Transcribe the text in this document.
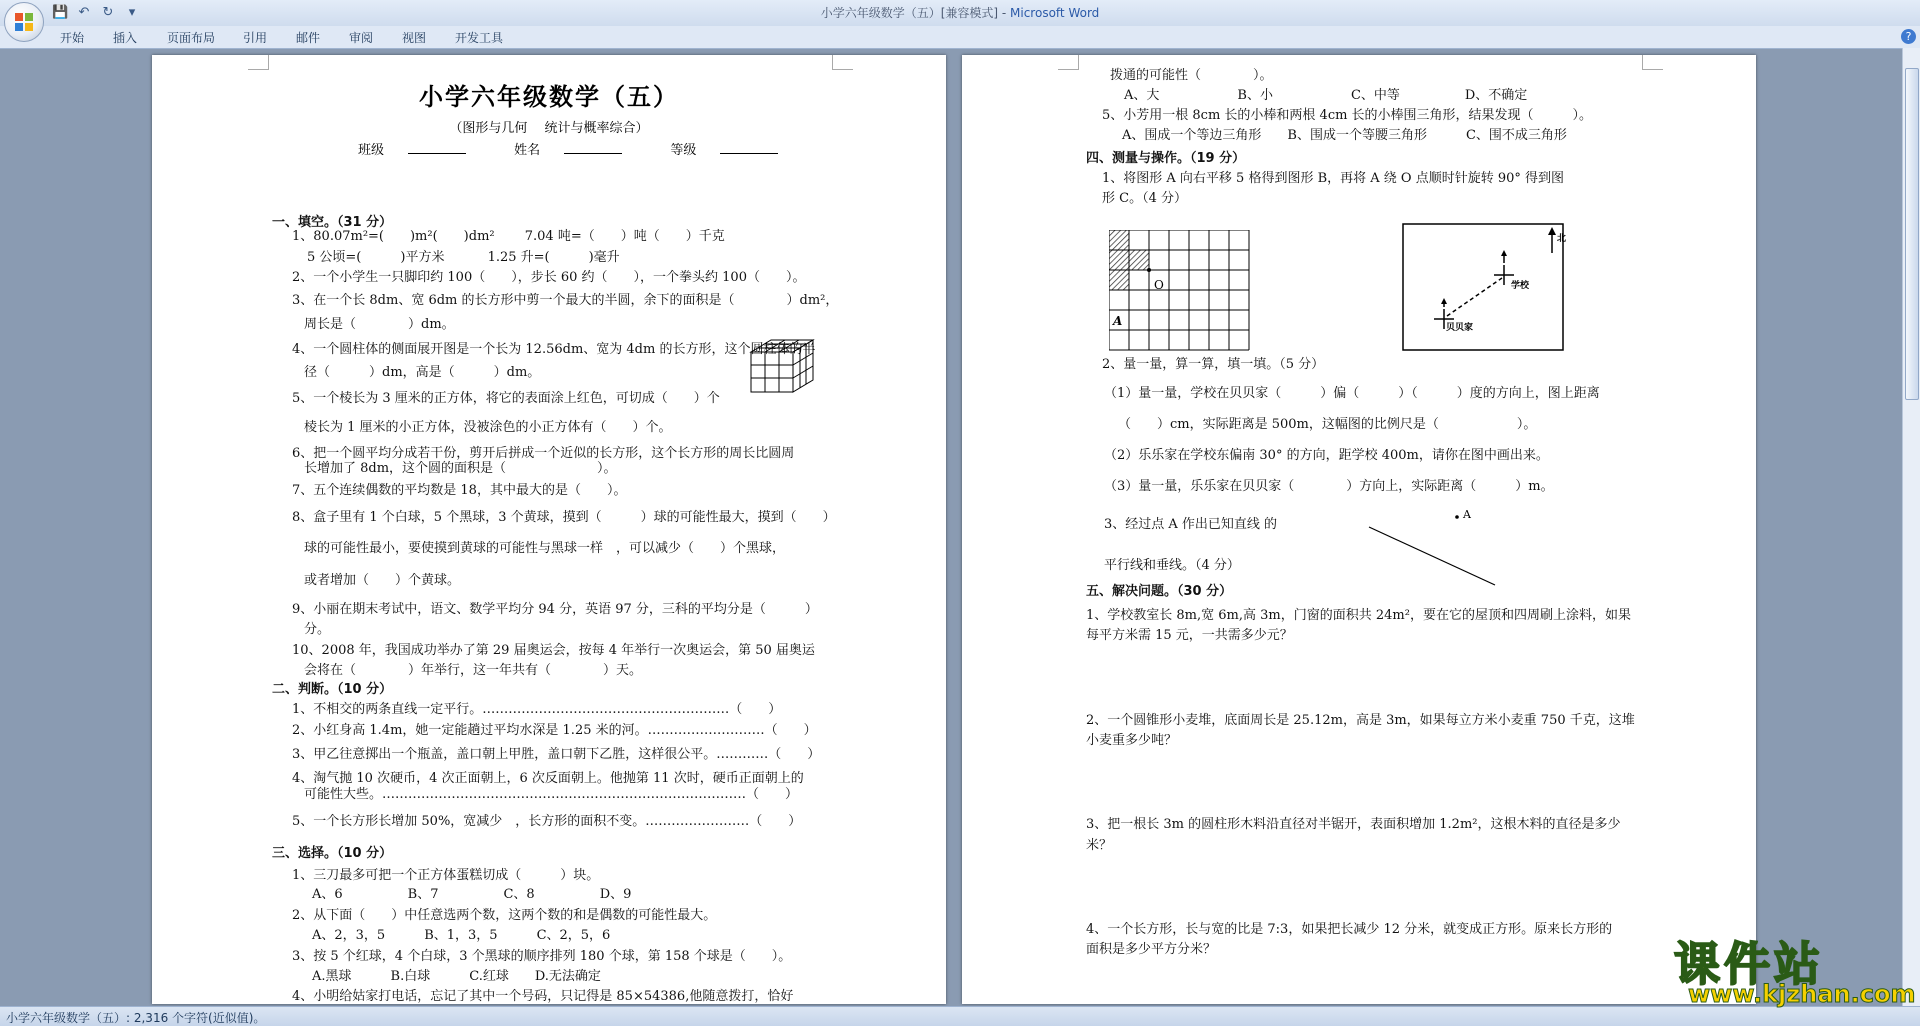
💾 ↶ ↻	▾	小学六年级数学（五）[兼容模式] - Microsoft Word
开始 插入 页面布局 引用 邮件 审阅 视图 开发工具	?
小学六年级数学（五）
（图形与几何　 统计与概率综合）
班级	姓名	等级
一、填空。（31 分）
1、80.07m²=(　　)m²(　　)dm²　　 7.04 吨=（　　）吨（　　）千克
5 公顷=(　　　)平方米　　　 1.25 升=(　　　)毫升
2、一个小学生一只脚印约 100（　　），步长 60 约（　　），一个拳头约 100（　　）。
3、在一个长 8dm、宽 6dm 的长方形中剪一个最大的半圆，余下的面积是（　　　　）dm²，
周长是（　　　　）dm。
4、一个圆柱体的侧面展开图是一个长为 12.56dm、宽为 4dm 的长方形，这个圆柱体的半
径（　　　）dm，高是（　　　）dm。
5、一个棱长为 3 厘米的正方体，将它的表面涂上红色，可切成（　　）个
棱长为 1 厘米的小正方体，没被涂色的小正方体有（　　）个。
6、把一个圆平均分成若干份，剪开后拼成一个近似的长方形，这个长方形的周长比圆周
长增加了 8dm，这个圆的面积是（　　　　　　　）。
7、五个连续偶数的平均数是 18，其中最大的是（　　）。
8、盒子里有 1 个白球，5 个黑球，3 个黄球，摸到（　　　）球的可能性最大，摸到（　　）
球的可能性最小，要使摸到黄球的可能性与黑球一样　，可以减少（　　）个黑球，
或者增加（　　）个黄球。
9、小丽在期末考试中，语文、数学平均分 94 分，英语 97 分，三科的平均分是（　　　）
分。
10、2008 年，我国成功举办了第 29 届奥运会，按每 4 年举行一次奥运会，第 50 届奥运
会将在（　　　　）年举行，这一年共有（　　　　）天。
二、判断。（10 分）
1、不相交的两条直线一定平行。…………………………………………………（　　）
2、小红身高 1.4m，她一定能趟过平均水深是 1.25 米的河。………………………（　　）
3、甲乙往意掷出一个瓶盖，盖口朝上甲胜，盖口朝下乙胜，这样很公平。…………（　　）
4、淘气抛 10 次硬币，4 次正面朝上，6 次反面朝上。他抛第 11 次时，硬币正面朝上的
可能性大些。…………………………………………………………………………（　　）
5、一个长方形长增加 50%，宽减少　，长方形的面积不变。……………………（　　）
三、选择。（10 分）
1、三刀最多可把一个正方体蛋糕切成（　　　）块。
A、6　　　　　B、7　　　　　C、8　　　　　D、9
2、从下面（　　）中任意选两个数，这两个数的和是偶数的可能性最大。
A、2，3，5　　　B、1，3，5　　　C、2，5，6
3、按 5 个红球，4 个白球，3 个黑球的顺序排列 180 个球，第 158 个球是（　　）。
A.黑球　　　B.白球　　　C.红球　　D.无法确定
4、小明给姑家打电话，忘记了其中一个号码，只记得是 85×54386,他随意拨打，恰好
拨通的可能性（　　　　）。
A、大　　　　　　B、小　　　　　　C、中等　　　　　D、不确定
5、小芳用一根 8cm 长的小棒和两根 4cm 长的小棒围三角形，结果发现（　　　）。
A、围成一个等边三角形　　B、围成一个等腰三角形　　　C、围不成三角形
四、测量与操作。（19 分）
1、将图形 A 向右平移 5 格得到图形 B，再将 A 绕 O 点顺时针旋转 90° 得到图
形 C。（4 分）
2、量一量，算一算，填一填。（5 分）
（1）量一量，学校在贝贝家（　　　）偏（　　　）（　　　）度的方向上，图上距离
（　　）cm，实际距离是 500m，这幅图的比例尺是（　　　　　　）。
（2）乐乐家在学校东偏南 30° 的方向，距学校 400m，请你在图中画出来。
（3）量一量，乐乐家在贝贝家（　　　　）方向上，实际距离（　　　）m。
3、经过点 A 作出已知直线 的
平行线和垂线。（4 分）
五、解决问题。（30 分）
1、学校教室长 8m,宽 6m,高 3m，门窗的面积共 24m²，要在它的屋顶和四周刷上涂料，如果
每平方米需 15 元，一共需多少元？
2、一个圆锥形小麦堆，底面周长是 25.12m，高是 3m，如果每立方米小麦重 750 千克，这堆
小麦重多少吨？
3、把一根长 3m 的圆柱形木料沿直径对半锯开，表面积增加 1.2m²，这根木料的直径是多少
米？
4、一个长方形，长与宽的比是 7:3，如果把长减少 12 分米，就变成正方形。原来长方形的
面积是多少平方分米？
O
A
北
学校
贝贝家
A
小学六年级数学（五）: 2,316 个字符(近似值)。
课件站
www.kjzhan.com
